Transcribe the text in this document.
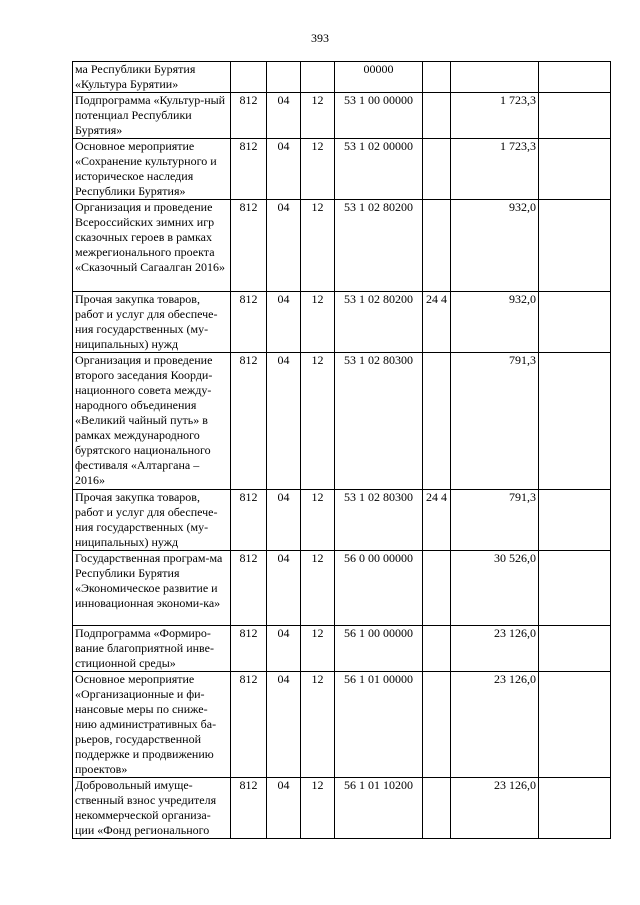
393
ма Республики Бурятия «Культура Бурятии»				00000			
Подпрограмма «Культур-ный потенциал Республики Бурятия»	812	04	12	53 1 00 00000		1 723,3	
Основное мероприятие «Сохранение культурного и историческое наследия Республики Бурятия»	812	04	12	53 1 02 00000		1 723,3	
Организация и проведение Всероссийских зимних игр сказочных героев в рамках межрегионального проекта «Сказочный Сагаалган 2016»	812	04	12	53 1 02 80200		932,0	
Прочая закупка товаров, работ и услуг для обеспече-ния государственных (му-ниципальных) нужд	812	04	12	53 1 02 80200	24 4	932,0	
Организация и проведение второго заседания Коорди-национного совета между-народного объединения «Великий чайный путь» в рамках международного бурятского национального фестиваля «Алтаргана – 2016»	812	04	12	53 1 02 80300		791,3	
Прочая закупка товаров, работ и услуг для обеспече-ния государственных (му-ниципальных) нужд	812	04	12	53 1 02 80300	24 4	791,3	
Государственная програм-ма Республики Бурятия «Экономическое развитие и инновационная экономи-ка»	812	04	12	56 0 00 00000		30 526,0	
Подпрограмма «Формиро-вание благоприятной инве-стиционной среды»	812	04	12	56 1 00 00000		23 126,0	
Основное мероприятие «Организационные и фи-нансовые меры по сниже-нию административных ба-рьеров, государственной поддержке и продвижению проектов»	812	04	12	56 1 01 00000		23 126,0	
Добровольный имуще-ственный взнос учредителя некоммерческой организа-ции «Фонд регионального	812	04	12	56 1 01 10200		23 126,0	
